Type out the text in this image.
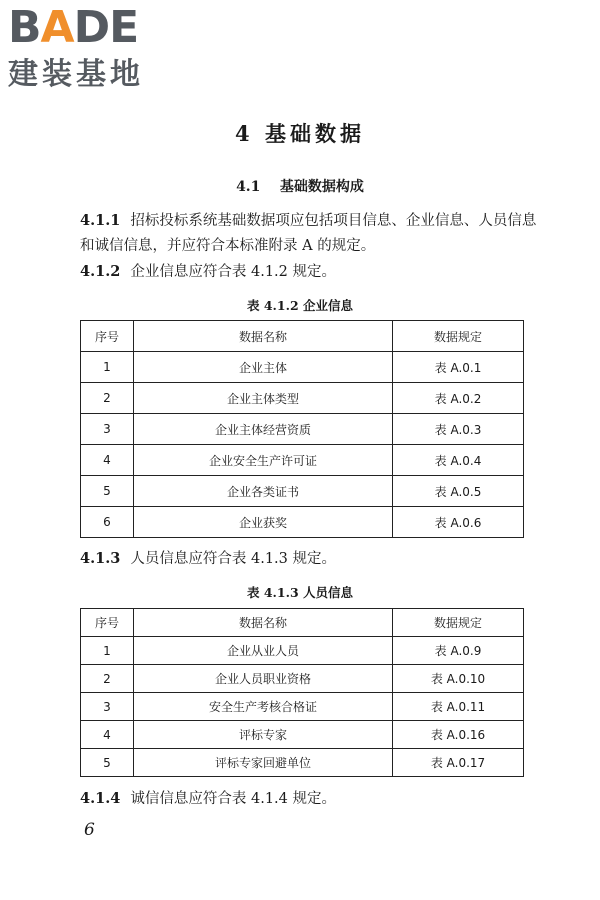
BADE
建装基地
4 基础数据
4.1 基础数据构成
4.1.1 招标投标系统基础数据项应包括项目信息、企业信息、人员信息和诚信信息，并应符合本标准附录 A 的规定。
4.1.2 企业信息应符合表 4.1.2 规定。
表 4.1.2 企业信息
序号	数据名称	数据规定
1	企业主体	表 A.0.1
2	企业主体类型	表 A.0.2
3	企业主体经营资质	表 A.0.3
4	企业安全生产许可证	表 A.0.4
5	企业各类证书	表 A.0.5
6	企业获奖	表 A.0.6
4.1.3 人员信息应符合表 4.1.3 规定。
表 4.1.3 人员信息
序号	数据名称	数据规定
1	企业从业人员	表 A.0.9
2	企业人员职业资格	表 A.0.10
3	安全生产考核合格证	表 A.0.11
4	评标专家	表 A.0.16
5	评标专家回避单位	表 A.0.17
4.1.4 诚信信息应符合表 4.1.4 规定。
6
